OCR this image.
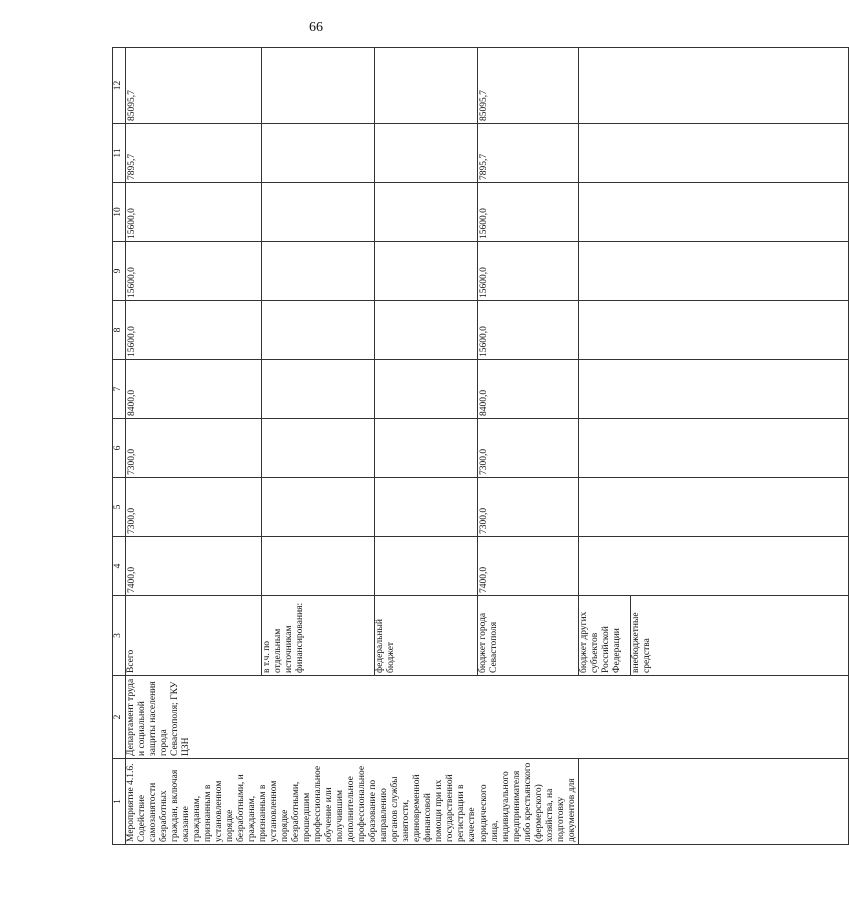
66
1	2	3	4	5	6	7	8	9	10	11	12

Мероприятие 4.1.6. Содействие самозанятости безработных граждан, включая оказание гражданам, признанным в установленном порядке безработными, и гражданам, признанным в установленном порядке безработными, прошедшим профессиональное обучение или получившим дополнительное профессиональное образование по направлению органов службы занятости, единовременной финансовой помощи при их государственной регистрации в качестве юридического лица, индивидуального предпринимателя либо крестьянского (фермерского) хозяйства, на подготовку документов для	Департамент труда и социальной защиты населения города Севастополя; ГКУ ЦЗН	Всего	7400,0	7300,0	7300,0	8400,0	15600,0	15600,0	15600,0	7895,7	85095,7

		в т.ч. по отдельным источникам финансирования:	

		федеральный бюджет	

		бюджет города Севастополя	7400,0	7300,0	7300,0	8400,0	15600,0	15600,0	15600,0	7895,7	85095,7

		бюджет других субъектов Российской Федерации	

		внебюджетные средства									
